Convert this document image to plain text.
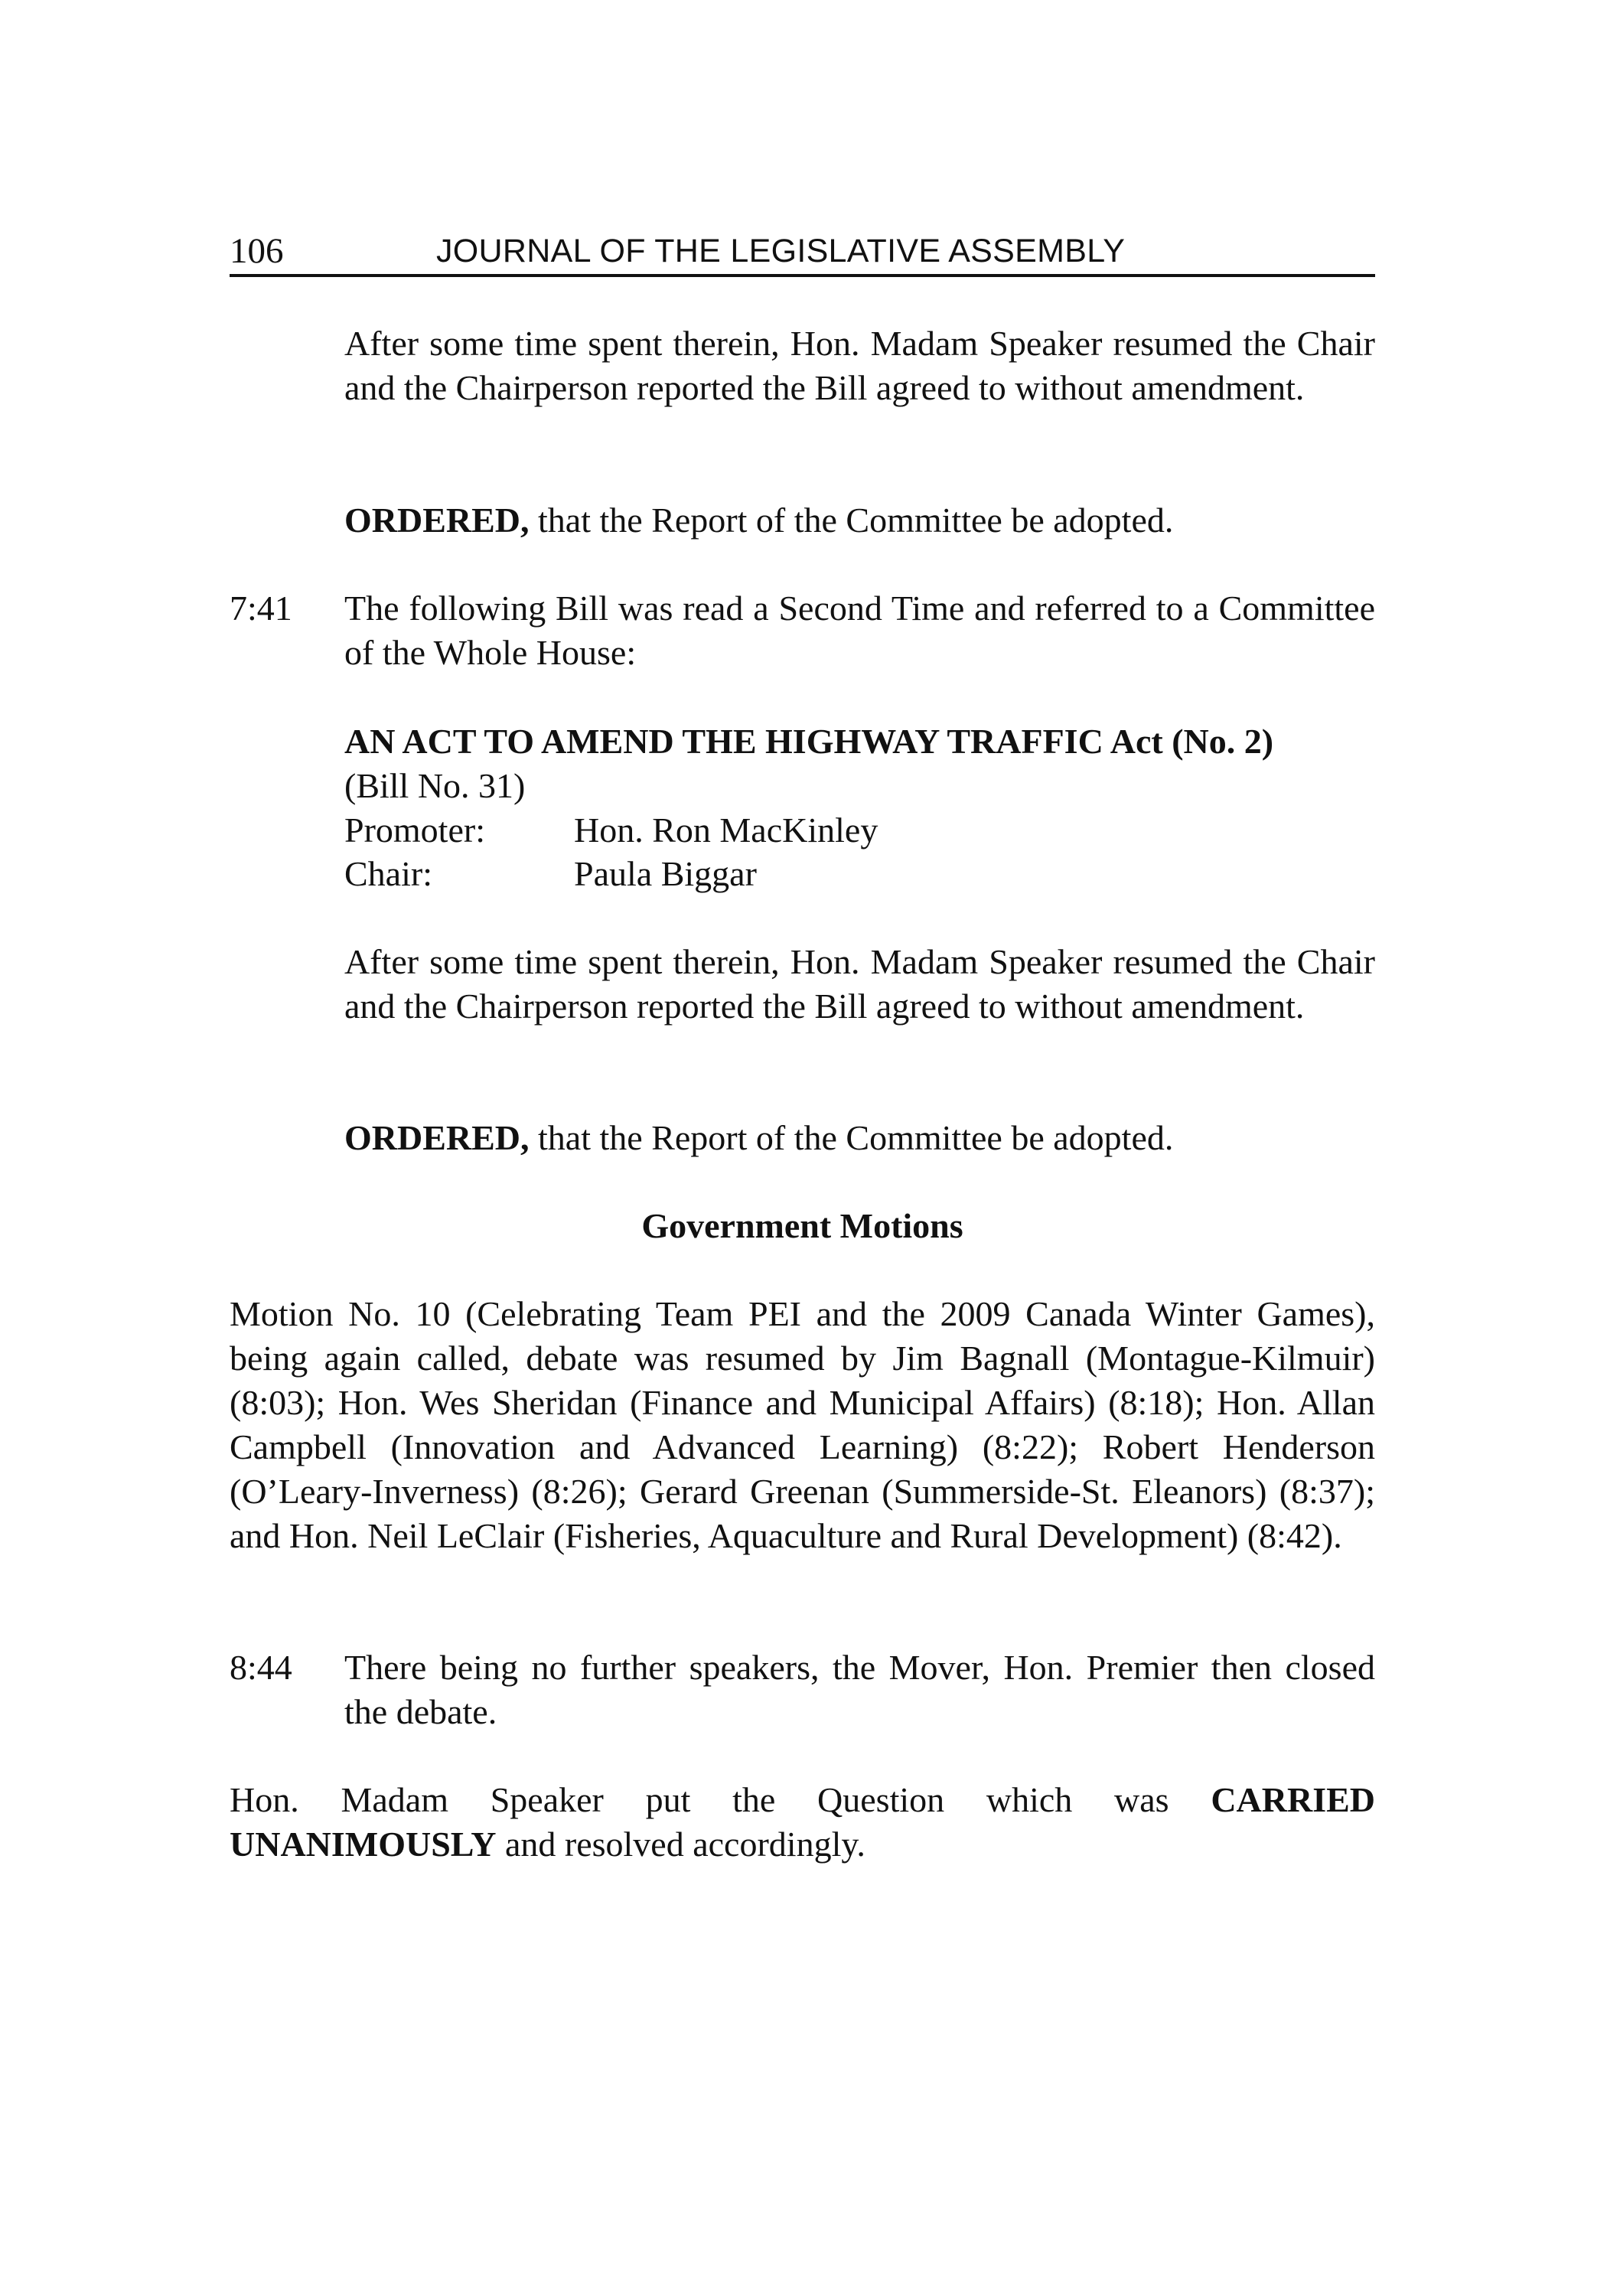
106	JOURNAL OF THE LEGISLATIVE ASSEMBLY
After some time spent therein, Hon. Madam Speaker resumed the Chair and the Chairperson reported the Bill agreed to without amendment.
ORDERED, that the Report of the Committee be adopted.
7:41 The following Bill was read a Second Time and referred to a Committee of the Whole House:
AN ACT TO AMEND THE HIGHWAY TRAFFIC Act (No. 2)
(Bill No. 31)
Promoter:	Hon. Ron MacKinley
Chair:	Paula Biggar
After some time spent therein, Hon. Madam Speaker resumed the Chair and the Chairperson reported the Bill agreed to without amendment.
ORDERED, that the Report of the Committee be adopted.
Government Motions
Motion No. 10 (Celebrating Team PEI and the 2009 Canada Winter Games), being again called, debate was resumed by Jim Bagnall (Montague-Kilmuir) (8:03); Hon. Wes Sheridan (Finance and Municipal Affairs) (8:18); Hon. Allan Campbell (Innovation and Advanced Learning) (8:22); Robert Henderson (O’Leary-Inverness) (8:26); Gerard Greenan (Summerside-St. Eleanors) (8:37); and Hon. Neil LeClair (Fisheries, Aquaculture and Rural Development) (8:42).
8:44 There being no further speakers, the Mover, Hon. Premier then closed the debate.
Hon. Madam Speaker put the Question which was CARRIED UNANIMOUSLY and resolved accordingly.
